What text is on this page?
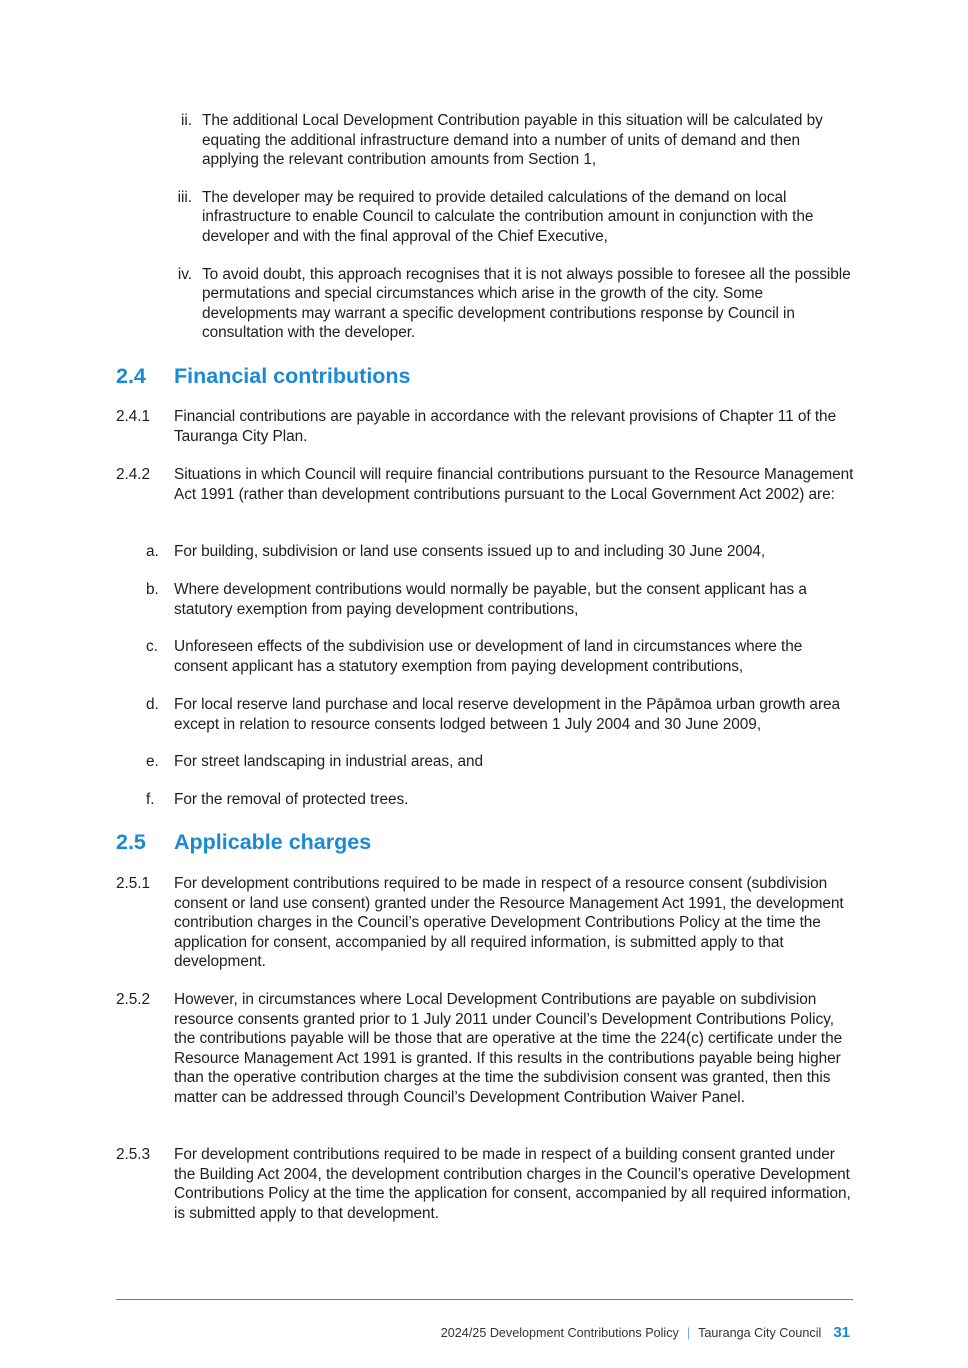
ii. The additional Local Development Contribution payable in this situation will be calculated by equating the additional infrastructure demand into a number of units of demand and then applying the relevant contribution amounts from Section 1,
iii. The developer may be required to provide detailed calculations of the demand on local infrastructure to enable Council to calculate the contribution amount in conjunction with the developer and with the final approval of the Chief Executive,
iv. To avoid doubt, this approach recognises that it is not always possible to foresee all the possible permutations and special circumstances which arise in the growth of the city. Some developments may warrant a specific development contributions response by Council in consultation with the developer.
2.4	Financial contributions
2.4.1	Financial contributions are payable in accordance with the relevant provisions of Chapter 11 of the Tauranga City Plan.
2.4.2	Situations in which Council will require financial contributions pursuant to the Resource Management Act 1991 (rather than development contributions pursuant to the Local Government Act 2002) are:
a. For building, subdivision or land use consents issued up to and including 30 June 2004,
b. Where development contributions would normally be payable, but the consent applicant has a statutory exemption from paying development contributions,
c.	Unforeseen effects of the subdivision use or development of land in circumstances where the consent applicant has a statutory exemption from paying development contributions,
d. For local reserve land purchase and local reserve development in the Pāpāmoa urban growth area except in relation to resource consents lodged between 1 July 2004 and 30 June 2009,
e. For street landscaping in industrial areas, and
f.	For the removal of protected trees.
2.5	Applicable charges
2.5.1	For development contributions required to be made in respect of a resource consent (subdivision consent or land use consent) granted under the Resource Management Act 1991, the development contribution charges in the Council’s operative Development Contributions Policy at the time the application for consent, accompanied by all required information, is submitted apply to that development.
2.5.2	However, in circumstances where Local Development Contributions are payable on subdivision resource consents granted prior to 1 July 2011 under Council’s Development Contributions Policy, the contributions payable will be those that are operative at the time the 224(c) certificate under the Resource Management Act 1991 is granted. If this results in the contributions payable being higher than the operative contribution charges at the time the subdivision consent was granted, then this matter can be addressed through Council’s Development Contribution Waiver Panel.
2.5.3	For development contributions required to be made in respect of a building consent granted under the Building Act 2004, the development contribution charges in the Council’s operative Development Contributions Policy at the time the application for consent, accompanied by all required information, is submitted apply to that development.
2024/25 Development Contributions Policy | Tauranga City Council 31
